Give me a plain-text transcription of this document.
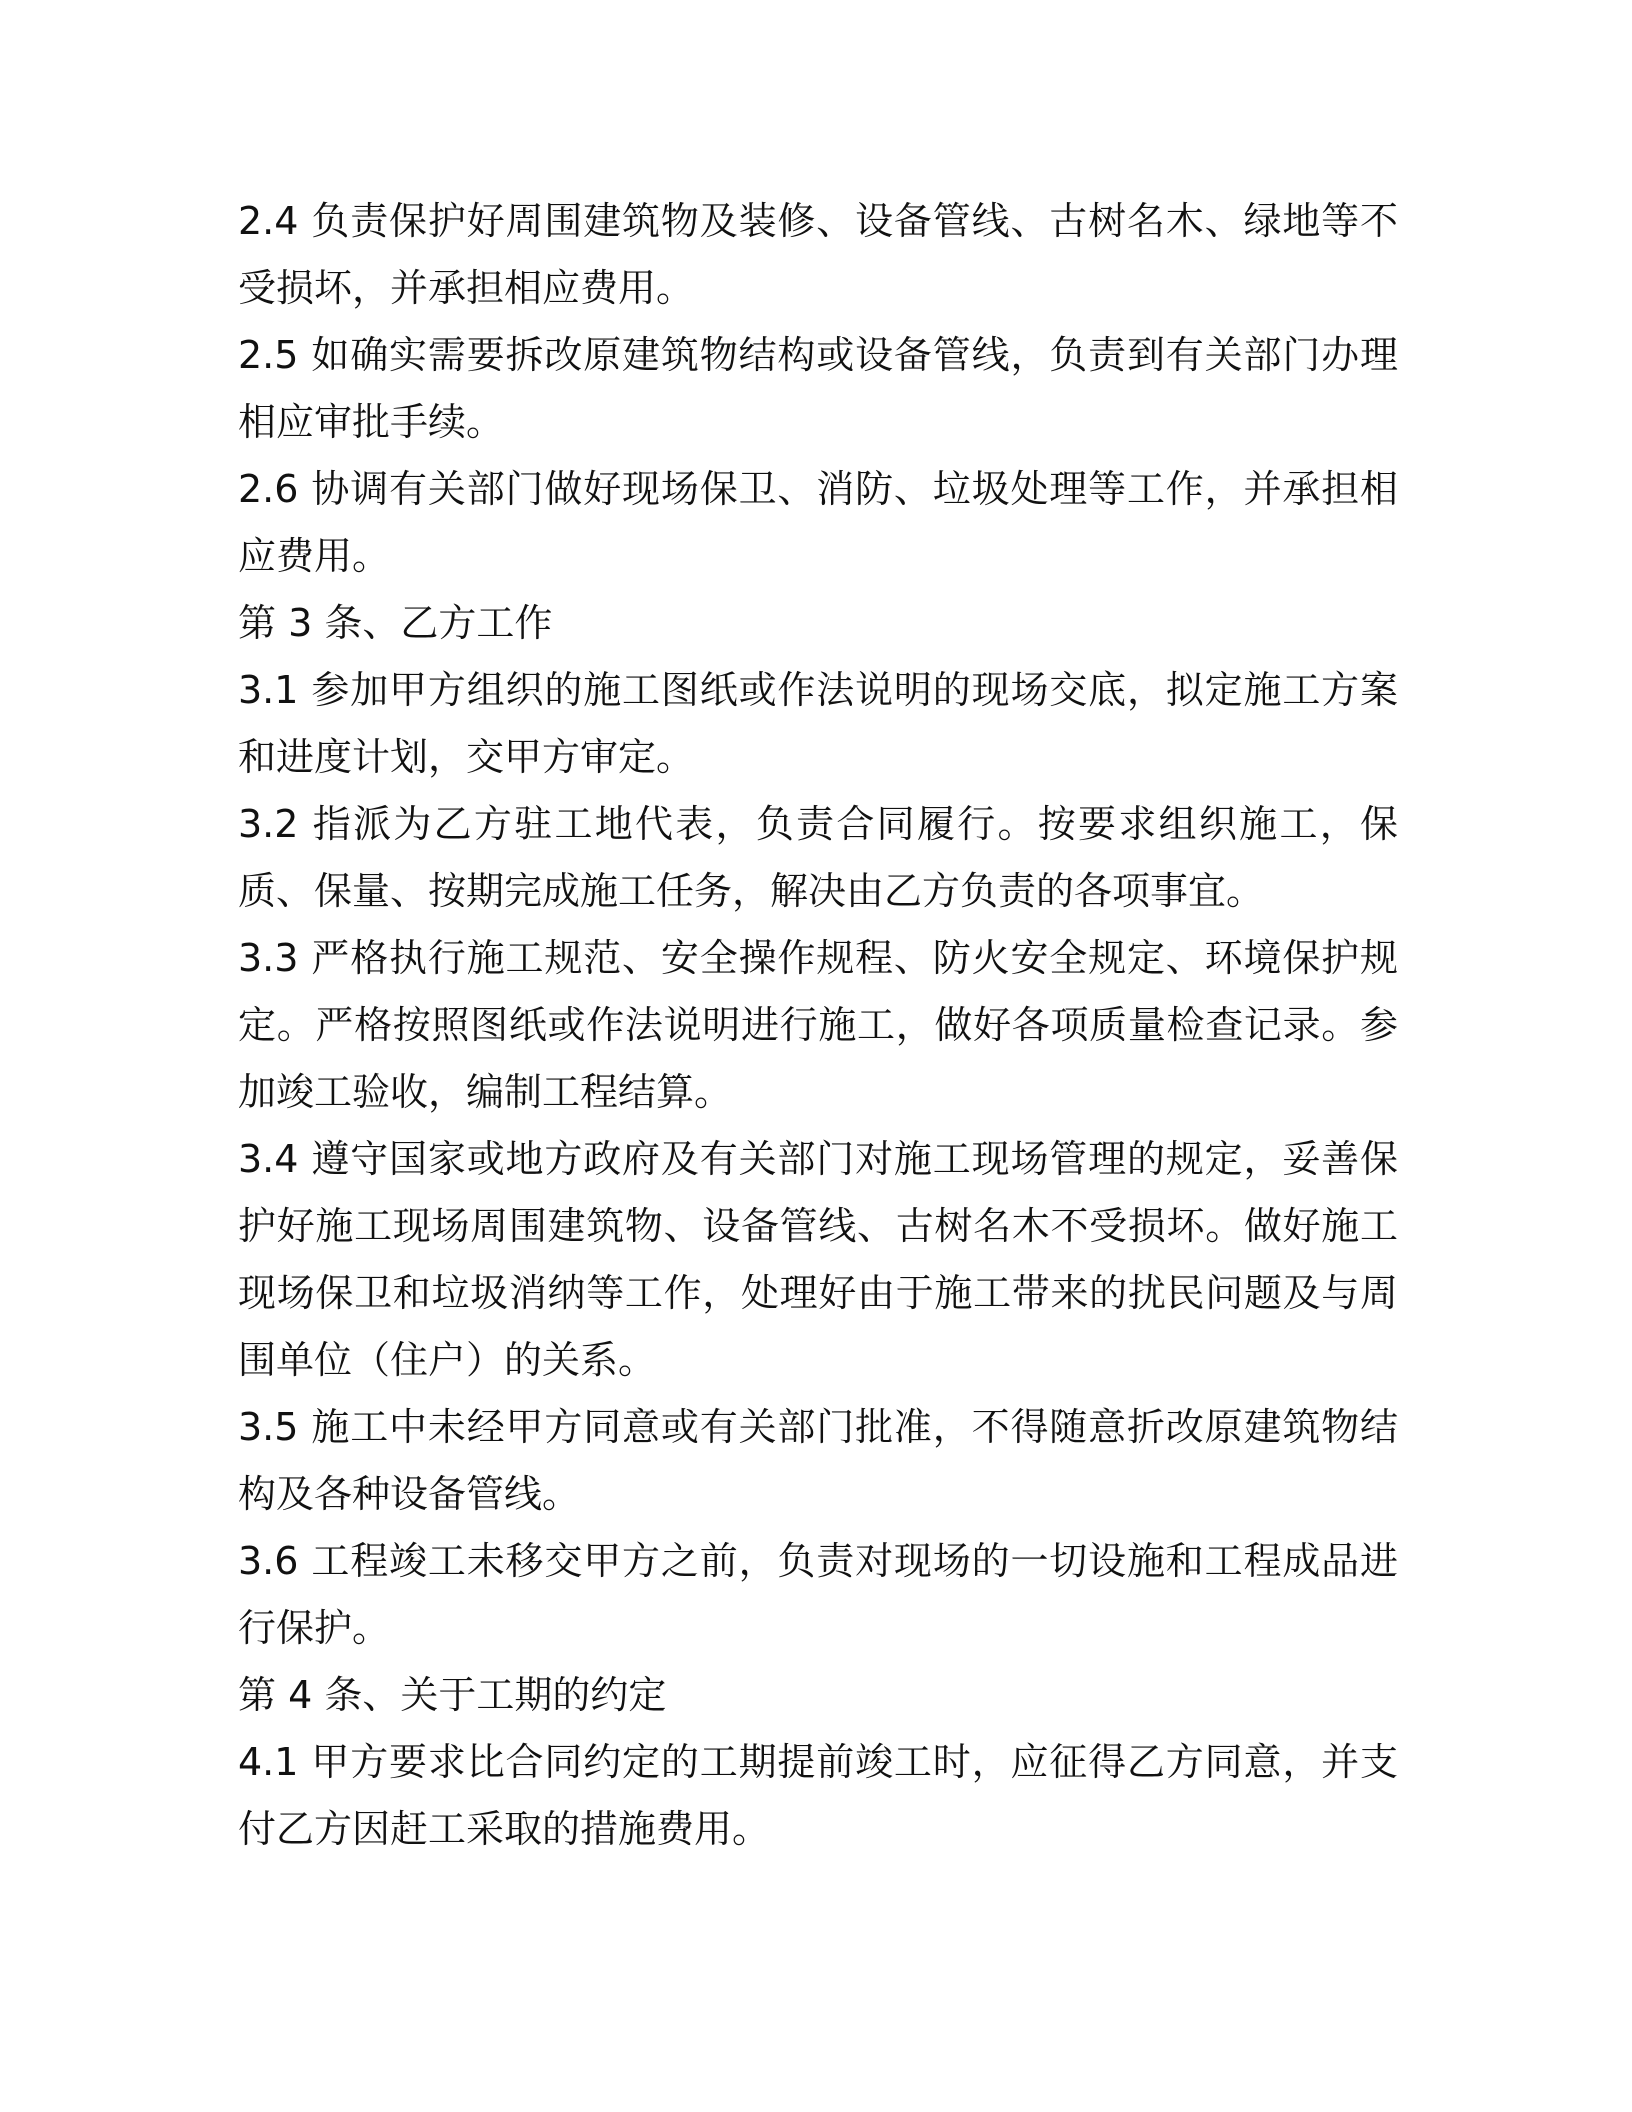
2.4 负责保护好周围建筑物及装修、设备管线、古树名木、绿地等不受损坏，并承担相应费用。

2.5 如确实需要拆改原建筑物结构或设备管线，负责到有关部门办理相应审批手续。

2.6 协调有关部门做好现场保卫、消防、垃圾处理等工作，并承担相应费用。

第 3 条、乙方工作

3.1 参加甲方组织的施工图纸或作法说明的现场交底，拟定施工方案和进度计划，交甲方审定。

3.2 指派为乙方驻工地代表，负责合同履行。按要求组织施工，保质、保量、按期完成施工任务，解决由乙方负责的各项事宜。

3.3 严格执行施工规范、安全操作规程、防火安全规定、环境保护规定。严格按照图纸或作法说明进行施工，做好各项质量检查记录。参加竣工验收，编制工程结算。

3.4 遵守国家或地方政府及有关部门对施工现场管理的规定，妥善保护好施工现场周围建筑物、设备管线、古树名木不受损坏。做好施工现场保卫和垃圾消纳等工作，处理好由于施工带来的扰民问题及与周围单位（住户）的关系。

3.5 施工中未经甲方同意或有关部门批准，不得随意折改原建筑物结构及各种设备管线。

3.6 工程竣工未移交甲方之前，负责对现场的一切设施和工程成品进行保护。

第 4 条、关于工期的约定

4.1 甲方要求比合同约定的工期提前竣工时，应征得乙方同意，并支付乙方因赶工采取的措施费用。
